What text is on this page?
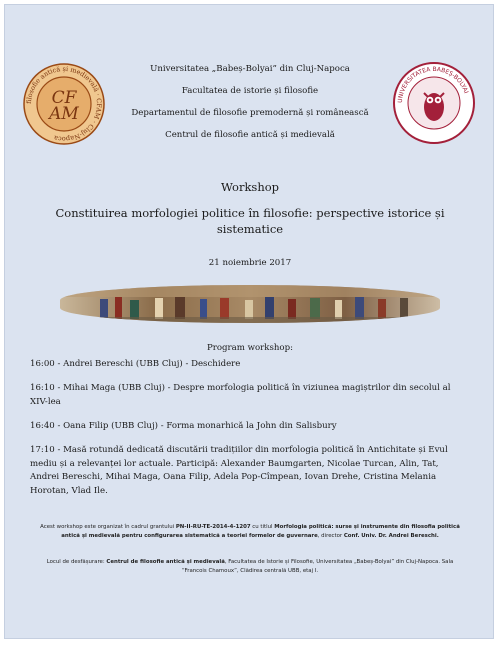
filosofie antică și medievală · CFAM · Cluj-Napoca
CF
AM
UNIVERSITATEA BABEȘ-BOLYAI
Universitatea „Babeș-Bolyai” din Cluj-Napoca
Facultatea de istorie și filosofie
Departamentul de filosofie premodernă și românească
Centrul de filosofie antică și medievală
Workshop
Constituirea morfologiei politice în filosofie: perspective istorice și
sistematice
21 noiembrie 2017
Program workshop:
16:00 - Andrei Bereschi (UBB Cluj) - Deschidere
16:10 - Mihai Maga (UBB Cluj) - Despre morfologia politică în viziunea magiștrilor din secolul al XIV-lea
16:40 - Oana Filip (UBB Cluj) - Forma monarhică la John din Salisbury
17:10 - Masă rotundă dedicată discutării tradițiilor din morfologia politică în Antichitate și Evul mediu și a relevanței lor actuale. Participă: Alexander Baumgarten, Nicolae Turcan, Alin, Tat, Andrei Bereschi, Mihai Maga, Oana Filip, Adela Pop-Cîmpean, Iovan Drehe, Cristina Melania Horotan, Vlad Ile.
Acest workshop este organizat în cadrul grantului PN-II-RU-TE-2014-4-1207 cu titlul Morfologia politică: surse și instrumente din filosofia politică antică și medievală pentru configurarea sistematică a teoriei formelor de guvernare, director Conf. Univ. Dr. Andrei Bereschi.
Locul de desfășurare: Centrul de filosofie antică și medievală, Facultatea de Istorie și Filosofie, Universitatea „Babeș-Bolyai” din Cluj-Napoca. Sala “Francois Chamoux”, Clădirea centrală UBB, etaj I.
